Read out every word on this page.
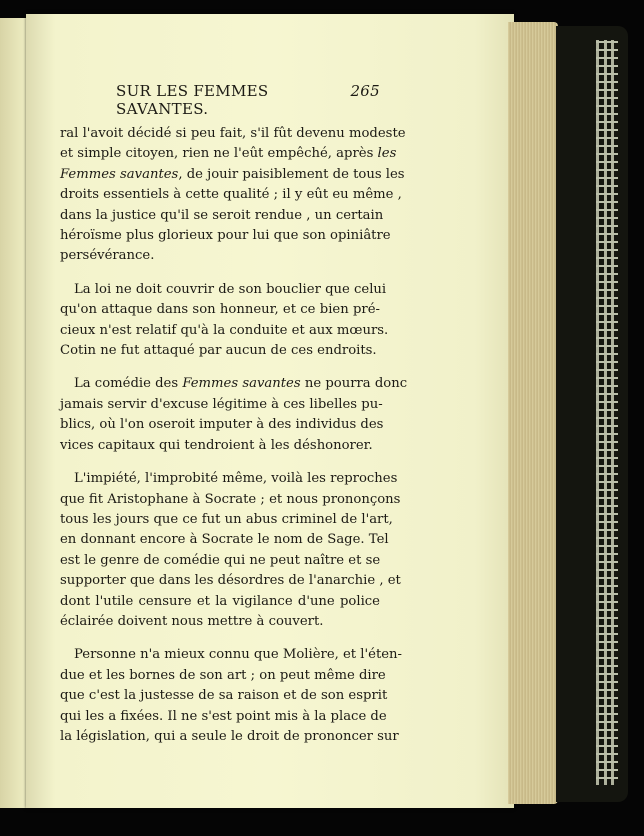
SUR LES FEMMES SAVANTES.
265

ral l'avoit décidé si peu fait, s'il fût devenu modeste
et simple citoyen, rien ne l'eût empêché, après les
Femmes savantes, de jouir paisiblement de tous les
droits essentiels à cette qualité ; il y eût eu même ,
dans la justice qu'il se seroit rendue , un certain
héroïsme plus glorieux pour lui que son opiniâtre
persévérance.

La loi ne doit couvrir de son bouclier que celui
qu'on attaque dans son honneur, et ce bien pré-
cieux n'est relatif qu'à la conduite et aux mœurs.
Cotin ne fut attaqué par aucun de ces endroits.

La comédie des Femmes savantes ne pourra donc
jamais servir d'excuse légitime à ces libelles pu-
blics, où l'on oseroit imputer à des individus des
vices capitaux qui tendroient à les déshonorer.

L'impiété, l'improbité même, voilà les reproches
que fit Aristophane à Socrate ; et nous prononçons
tous les jours que ce fut un abus criminel de l'art,
en donnant encore à Socrate le nom de Sage. Tel
est le genre de comédie qui ne peut naître et se
supporter que dans les désordres de l'anarchie , et
dont l'utile censure et la vigilance d'une police
éclairée doivent nous mettre à couvert.

Personne n'a mieux connu que Molière, et l'éten-
due et les bornes de son art ; on peut même dire
que c'est la justesse de sa raison et de son esprit
qui les a fixées. Il ne s'est point mis à la place de
la législation, qui a seule le droit de prononcer sur
